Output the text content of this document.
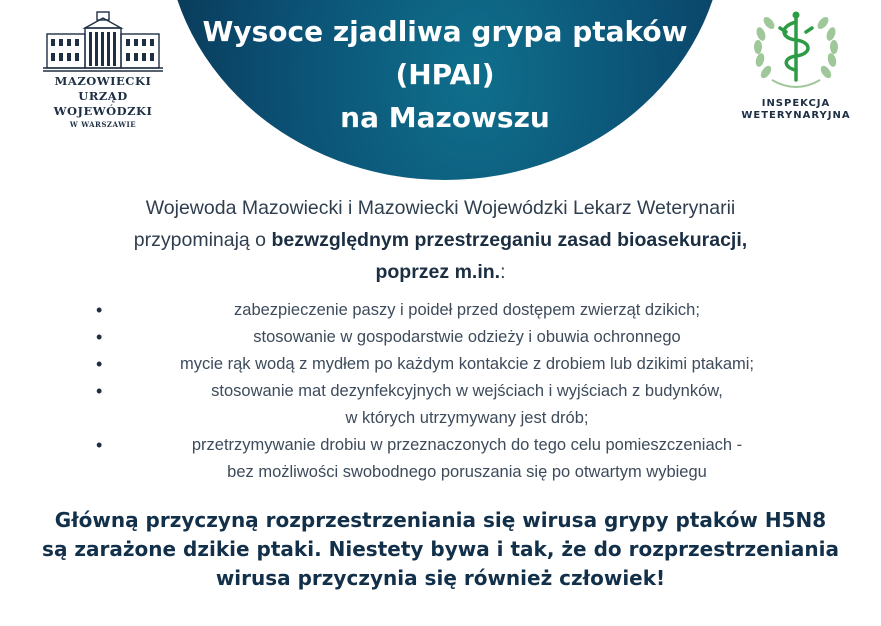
Wysoce zjadliwa grypa ptaków
(HPAI)
na Mazowszu
MAZOWIECKI
URZĄD WOJEWÓDZKI
W WARSZAWIE
INSPEKCJA
WETERYNARYJNA
Wojewoda Mazowiecki i Mazowiecki Wojewódzki Lekarz Weterynarii
przypominają o bezwzględnym przestrzeganiu zasad bioasekuracji,
poprzez m.in.:
•	zabezpieczenie paszy i poideł przed dostępem zwierząt dzikich;
•	stosowanie w gospodarstwie odzieży i obuwia ochronnego
•	mycie rąk wodą z mydłem po każdym kontakcie z drobiem lub dzikimi ptakami;
•	stosowanie mat dezynfekcyjnych w wejściach i wyjściach z budynków,
w których utrzymywany jest drób;
•	przetrzymywanie drobiu w przeznaczonych do tego celu pomieszczeniach -
bez możliwości swobodnego poruszania się po otwartym wybiegu
Główną przyczyną rozprzestrzeniania się wirusa grypy ptaków H5N8
są zarażone dzikie ptaki. Niestety bywa i tak, że do rozprzestrzeniania
wirusa przyczynia się również człowiek!
